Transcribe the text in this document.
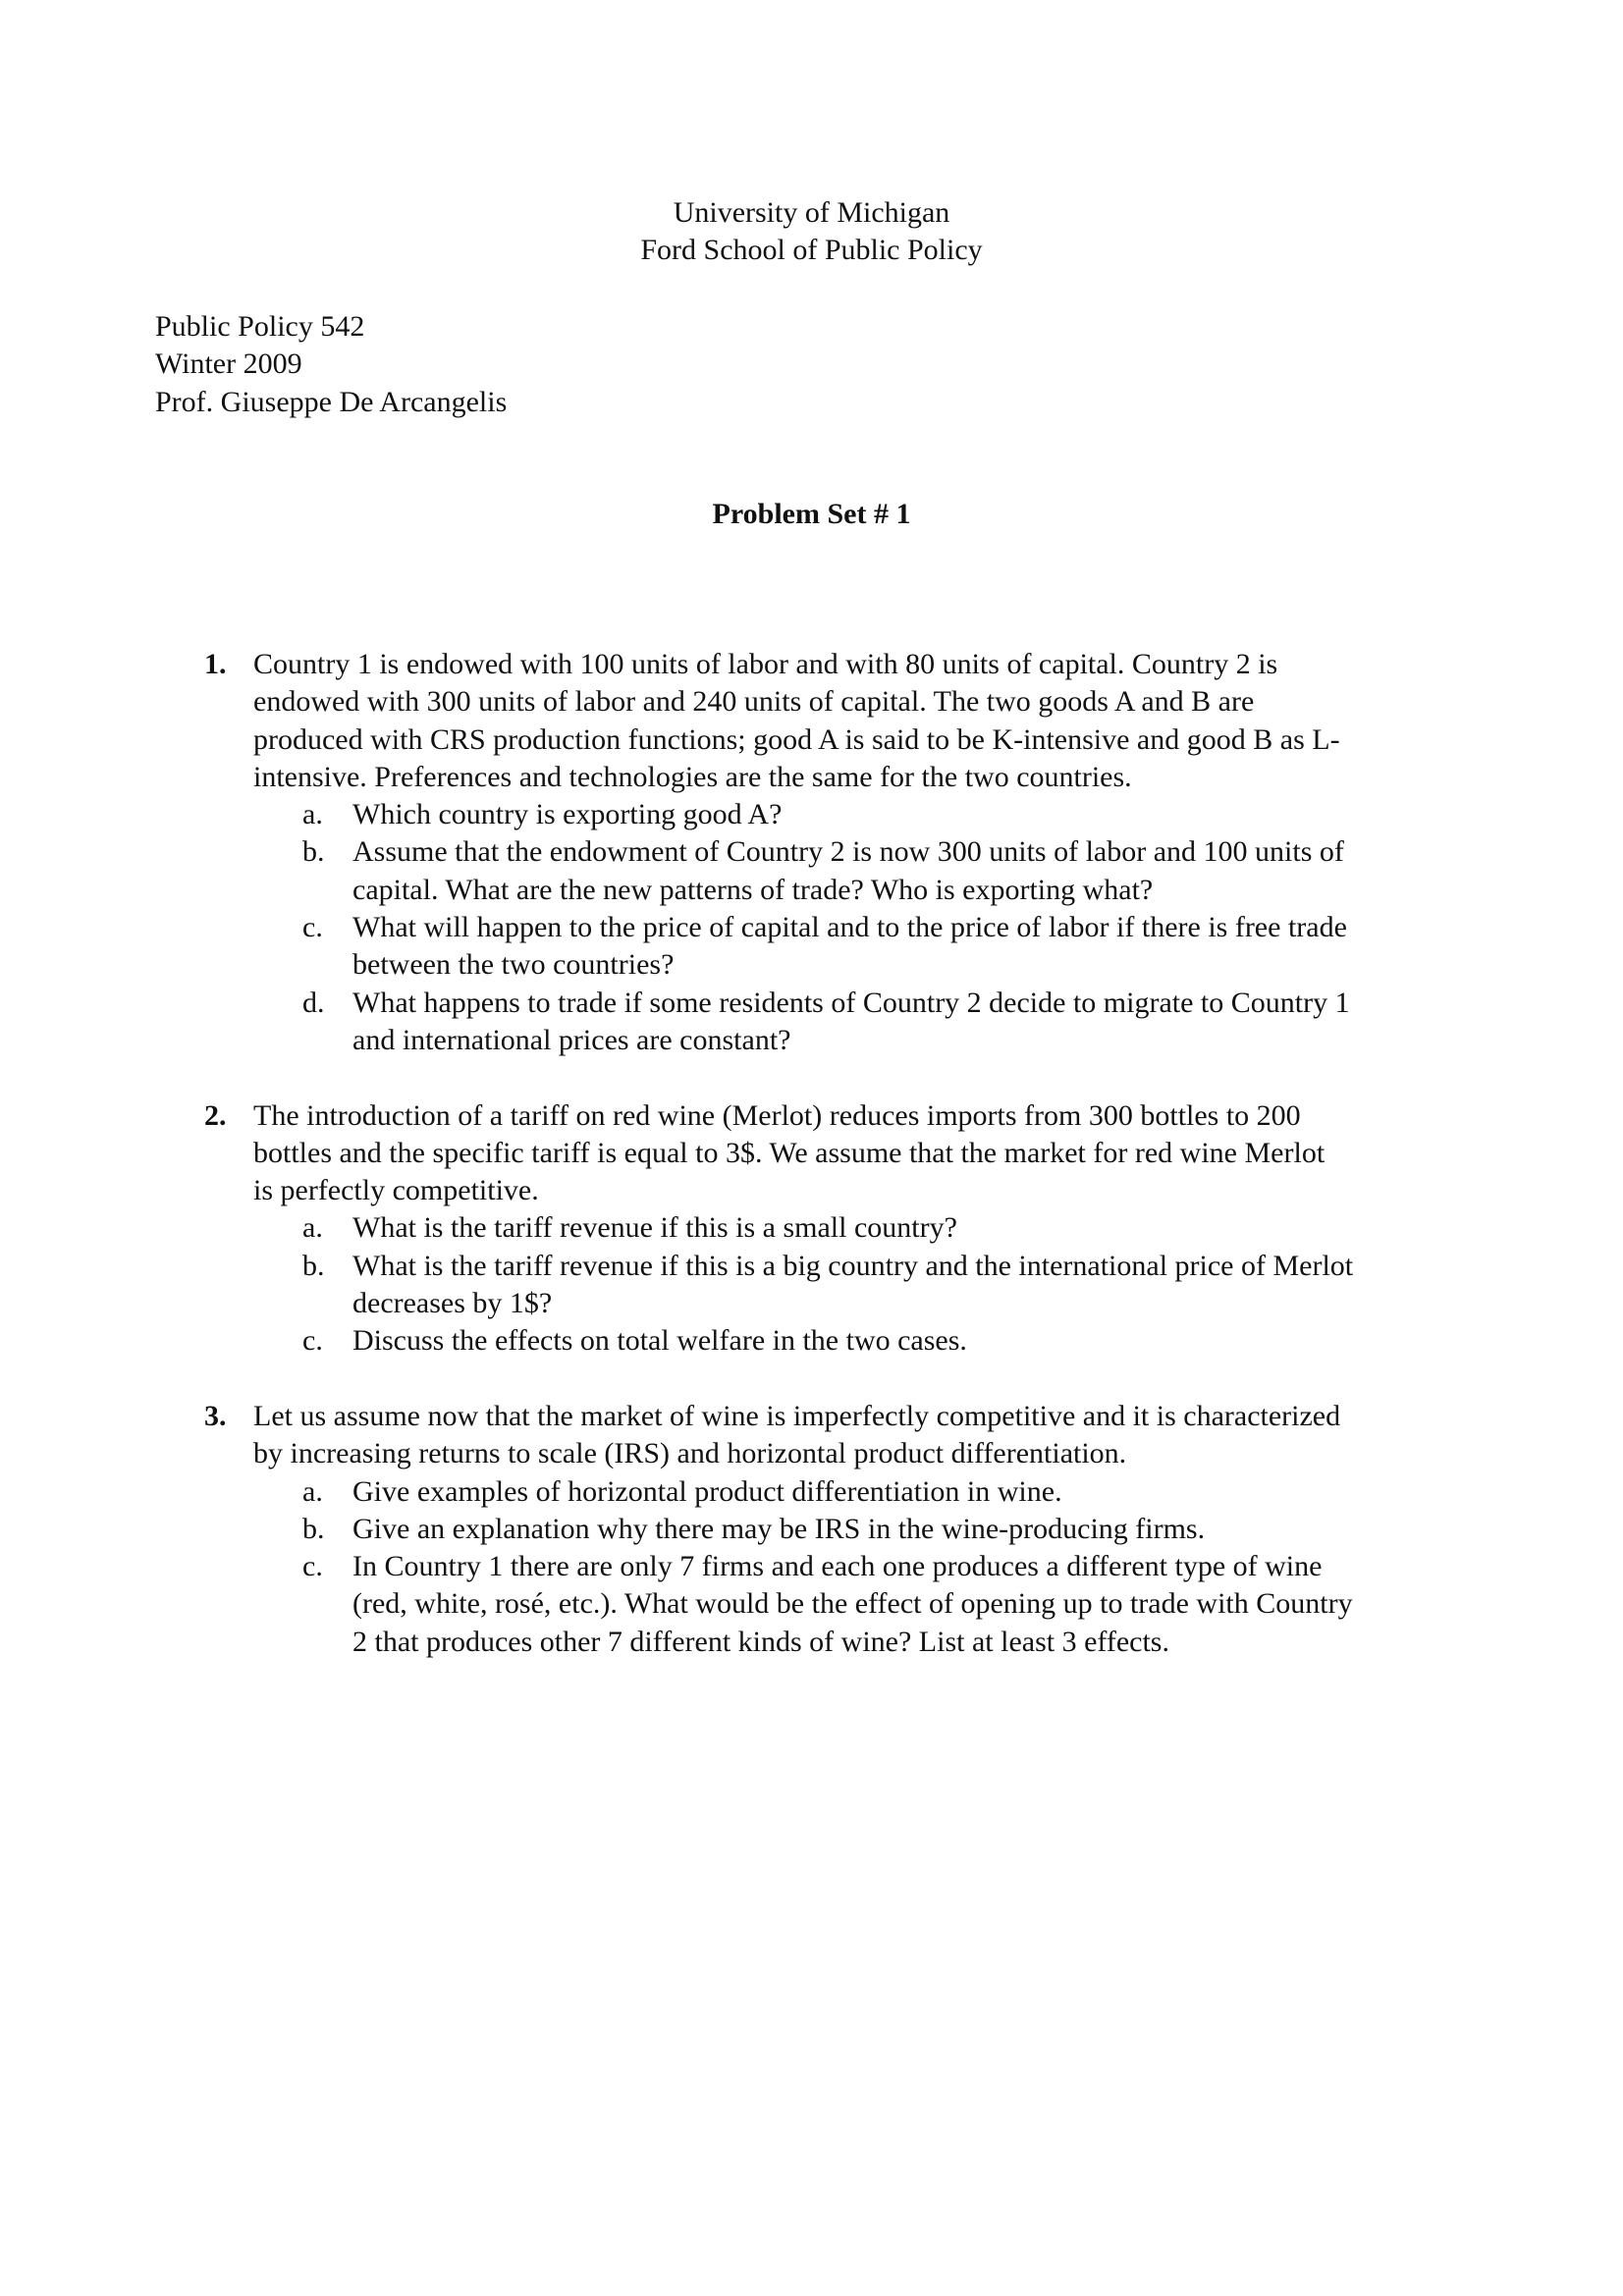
University of Michigan
Ford School of Public Policy
Public Policy 542
Winter 2009
Prof. Giuseppe De Arcangelis
Problem Set # 1
1. Country 1 is endowed with 100 units of labor and with 80 units of capital. Country 2 is
endowed with 300 units of labor and 240 units of capital. The two goods A and B are
produced with CRS production functions; good A is said to be K-intensive and good B as L-
intensive. Preferences and technologies are the same for the two countries.
a. Which country is exporting good A?
b. Assume that the endowment of Country 2 is now 300 units of labor and 100 units of
capital. What are the new patterns of trade? Who is exporting what?
c. What will happen to the price of capital and to the price of labor if there is free trade
between the two countries?
d. What happens to trade if some residents of Country 2 decide to migrate to Country 1
and international prices are constant?
2. The introduction of a tariff on red wine (Merlot) reduces imports from 300 bottles to 200
bottles and the specific tariff is equal to 3$. We assume that the market for red wine Merlot
is perfectly competitive.
a. What is the tariff revenue if this is a small country?
b. What is the tariff revenue if this is a big country and the international price of Merlot
decreases by 1$?
c. Discuss the effects on total welfare in the two cases.
3. Let us assume now that the market of wine is imperfectly competitive and it is characterized
by increasing returns to scale (IRS) and horizontal product differentiation.
a. Give examples of horizontal product differentiation in wine.
b. Give an explanation why there may be IRS in the wine-producing firms.
c. In Country 1 there are only 7 firms and each one produces a different type of wine
(red, white, rosé, etc.). What would be the effect of opening up to trade with Country
2 that produces other 7 different kinds of wine? List at least 3 effects.
